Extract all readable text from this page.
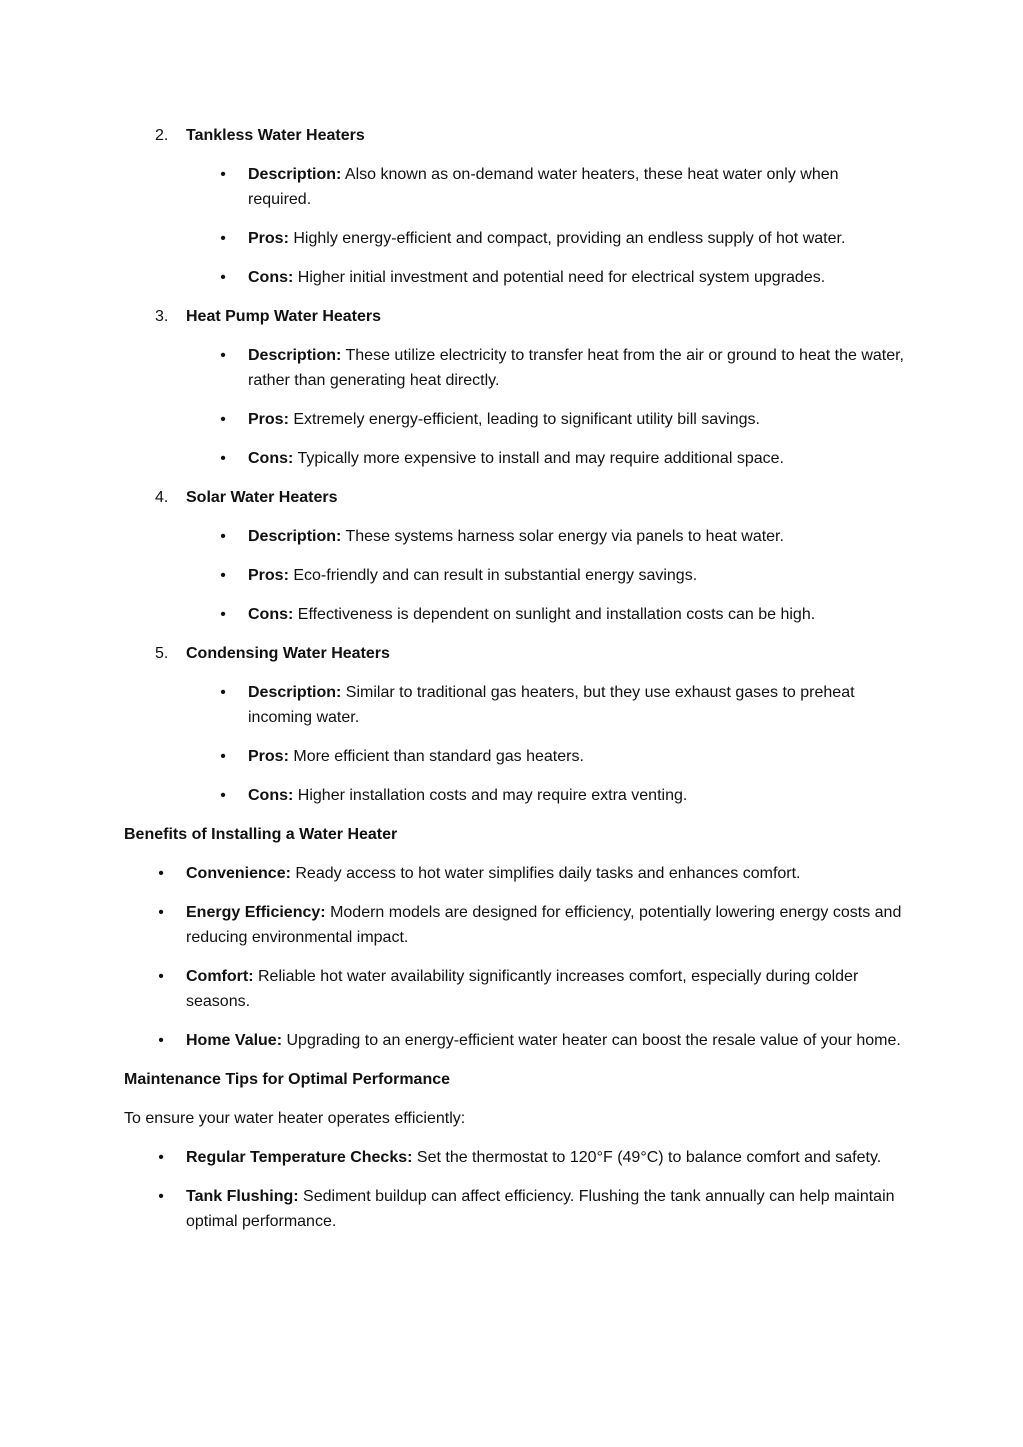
2. Tankless Water Heaters
• Description: Also known as on-demand water heaters, these heat water only when required.
• Pros: Highly energy-efficient and compact, providing an endless supply of hot water.
• Cons: Higher initial investment and potential need for electrical system upgrades.
3. Heat Pump Water Heaters
• Description: These utilize electricity to transfer heat from the air or ground to heat the water, rather than generating heat directly.
• Pros: Extremely energy-efficient, leading to significant utility bill savings.
• Cons: Typically more expensive to install and may require additional space.
4. Solar Water Heaters
• Description: These systems harness solar energy via panels to heat water.
• Pros: Eco-friendly and can result in substantial energy savings.
• Cons: Effectiveness is dependent on sunlight and installation costs can be high.
5. Condensing Water Heaters
• Description: Similar to traditional gas heaters, but they use exhaust gases to preheat incoming water.
• Pros: More efficient than standard gas heaters.
• Cons: Higher installation costs and may require extra venting.

Benefits of Installing a Water Heater

• Convenience: Ready access to hot water simplifies daily tasks and enhances comfort.
• Energy Efficiency: Modern models are designed for efficiency, potentially lowering energy costs and reducing environmental impact.
• Comfort: Reliable hot water availability significantly increases comfort, especially during colder seasons.
• Home Value: Upgrading to an energy-efficient water heater can boost the resale value of your home.

Maintenance Tips for Optimal Performance

To ensure your water heater operates efficiently:

• Regular Temperature Checks: Set the thermostat to 120°F (49°C) to balance comfort and safety.
• Tank Flushing: Sediment buildup can affect efficiency. Flushing the tank annually can help maintain optimal performance.
